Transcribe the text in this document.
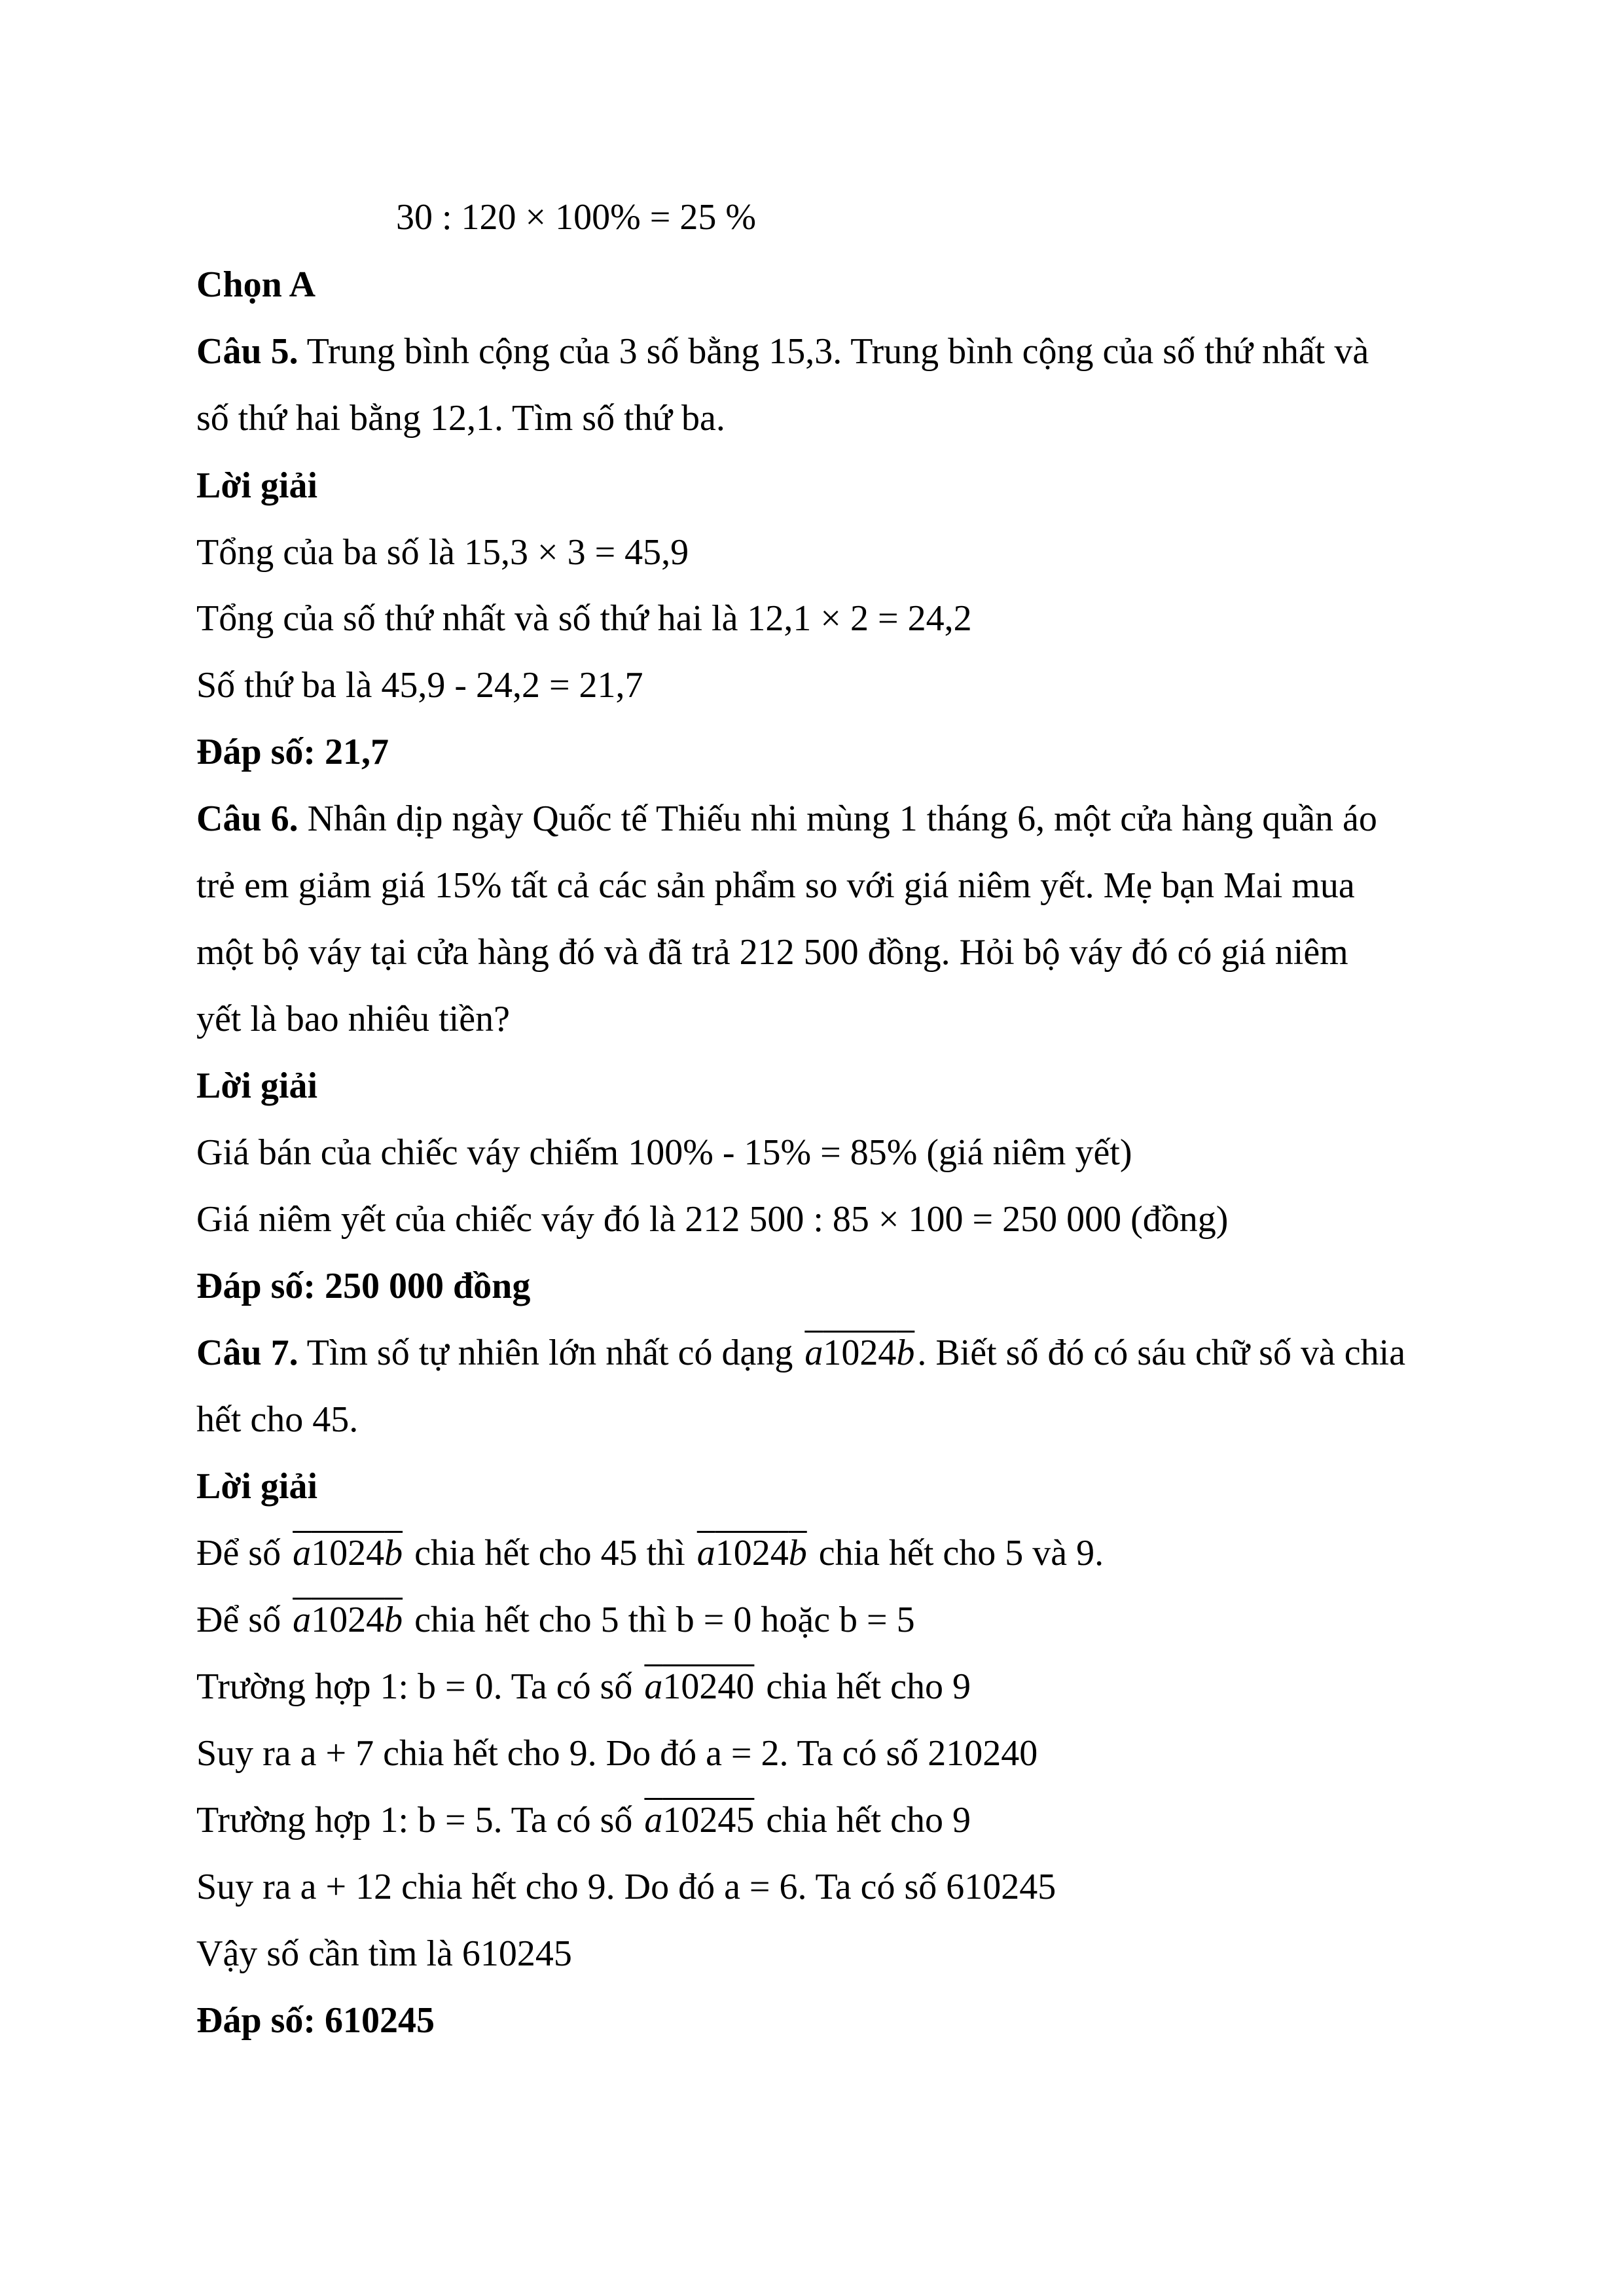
30 : 120 × 100% = 25 %
Chọn A
Câu 5. Trung bình cộng của 3 số bằng 15,3. Trung bình cộng của số thứ nhất và
số thứ hai bằng 12,1. Tìm số thứ ba.
Lời giải
Tổng của ba số là 15,3 × 3 = 45,9
Tổng của số thứ nhất và số thứ hai là 12,1 × 2 = 24,2
Số thứ ba là 45,9 - 24,2 = 21,7
Đáp số: 21,7
Câu 6. Nhân dịp ngày Quốc tế Thiếu nhi mùng 1 tháng 6, một cửa hàng quần áo
trẻ em giảm giá 15% tất cả các sản phẩm so với giá niêm yết. Mẹ bạn Mai mua
một bộ váy tại cửa hàng đó và đã trả 212 500 đồng. Hỏi bộ váy đó có giá niêm
yết là bao nhiêu tiền?
Lời giải
Giá bán của chiếc váy chiếm 100% - 15% = 85% (giá niêm yết)
Giá niêm yết của chiếc váy đó là 212 500 : 85 × 100 = 250 000 (đồng)
Đáp số: 250 000 đồng
Câu 7. Tìm số tự nhiên lớn nhất có dạng a1024b. Biết số đó có sáu chữ số và chia
hết cho 45.
Lời giải
Để số a1024b chia hết cho 45 thì a1024b chia hết cho 5 và 9.
Để số a1024b chia hết cho 5 thì b = 0 hoặc b = 5
Trường hợp 1: b = 0. Ta có số a10240 chia hết cho 9
Suy ra a + 7 chia hết cho 9. Do đó a = 2. Ta có số 210240
Trường hợp 1: b = 5. Ta có số a10245 chia hết cho 9
Suy ra a + 12 chia hết cho 9. Do đó a = 6. Ta có số 610245
Vậy số cần tìm là 610245
Đáp số: 610245
